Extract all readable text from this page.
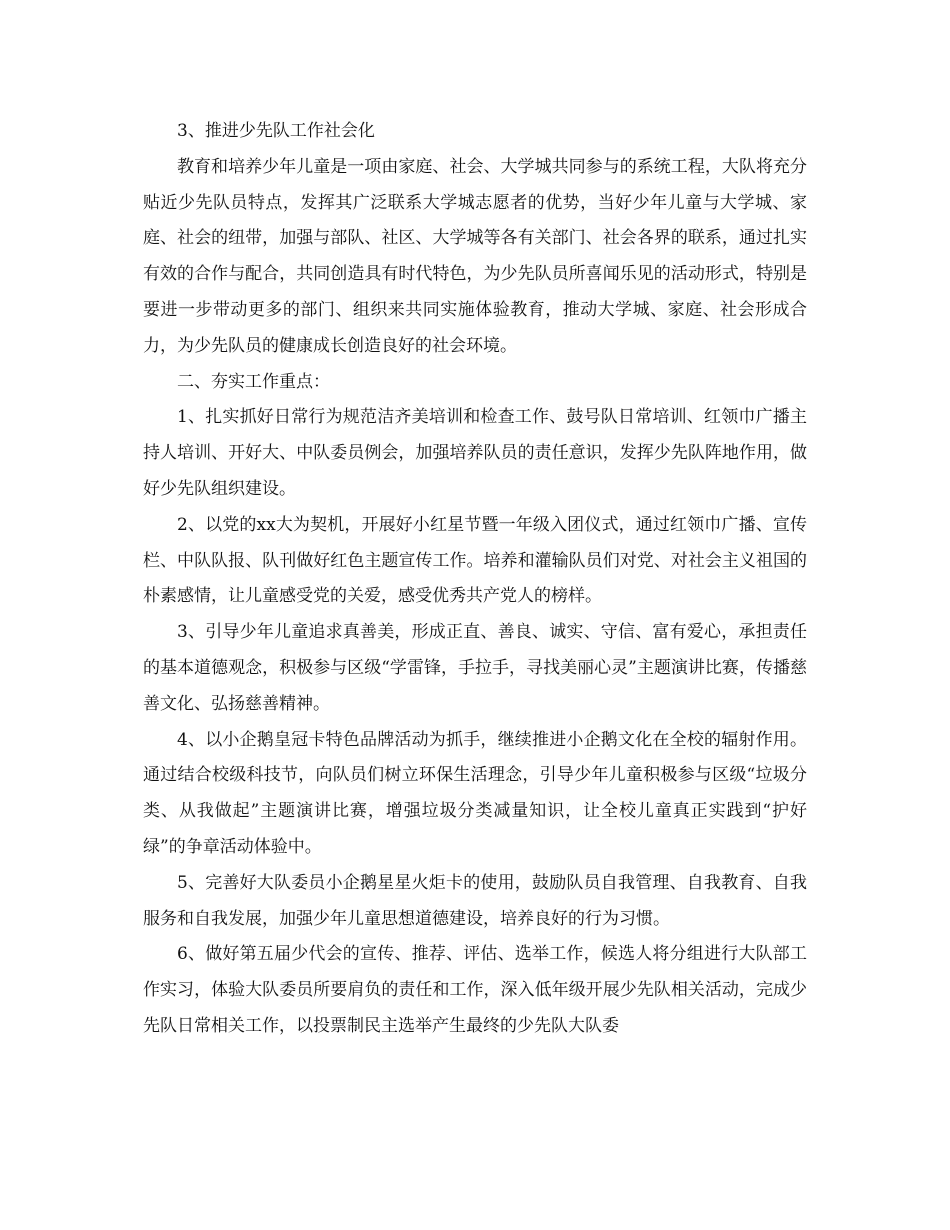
3、推进少先队工作社会化

教育和培养少年儿童是一项由家庭、社会、大学城共同参与的系统工程，大队将充分贴近少先队员特点，发挥其广泛联系大学城志愿者的优势，当好少年儿童与大学城、家庭、社会的纽带，加强与部队、社区、大学城等各有关部门、社会各界的联系，通过扎实有效的合作与配合，共同创造具有时代特色，为少先队员所喜闻乐见的活动形式，特别是要进一步带动更多的部门、组织来共同实施体验教育，推动大学城、家庭、社会形成合力，为少先队员的健康成长创造良好的社会环境。

二、夯实工作重点：

1、扎实抓好日常行为规范洁齐美培训和检查工作、鼓号队日常培训、红领巾广播主持人培训、开好大、中队委员例会，加强培养队员的责任意识，发挥少先队阵地作用，做好少先队组织建设。

2、以党的xx大为契机，开展好小红星节暨一年级入团仪式，通过红领巾广播、宣传栏、中队队报、队刊做好红色主题宣传工作。培养和灌输队员们对党、对社会主义祖国的朴素感情，让儿童感受党的关爱，感受优秀共产党人的榜样。

3、引导少年儿童追求真善美，形成正直、善良、诚实、守信、富有爱心，承担责任的基本道德观念，积极参与区级“学雷锋，手拉手，寻找美丽心灵”主题演讲比赛，传播慈善文化、弘扬慈善精神。

4、以小企鹅皇冠卡特色品牌活动为抓手，继续推进小企鹅文化在全校的辐射作用。通过结合校级科技节，向队员们树立环保生活理念，引导少年儿童积极参与区级“垃圾分类、从我做起”主题演讲比赛，增强垃圾分类减量知识，让全校儿童真正实践到“护好绿”的争章活动体验中。

5、完善好大队委员小企鹅星星火炬卡的使用，鼓励队员自我管理、自我教育、自我服务和自我发展，加强少年儿童思想道德建设，培养良好的行为习惯。

6、做好第五届少代会的宣传、推荐、评估、选举工作，候选人将分组进行大队部工作实习，体验大队委员所要肩负的责任和工作，深入低年级开展少先队相关活动，完成少先队日常相关工作，以投票制民主选举产生最终的少先队大队委
